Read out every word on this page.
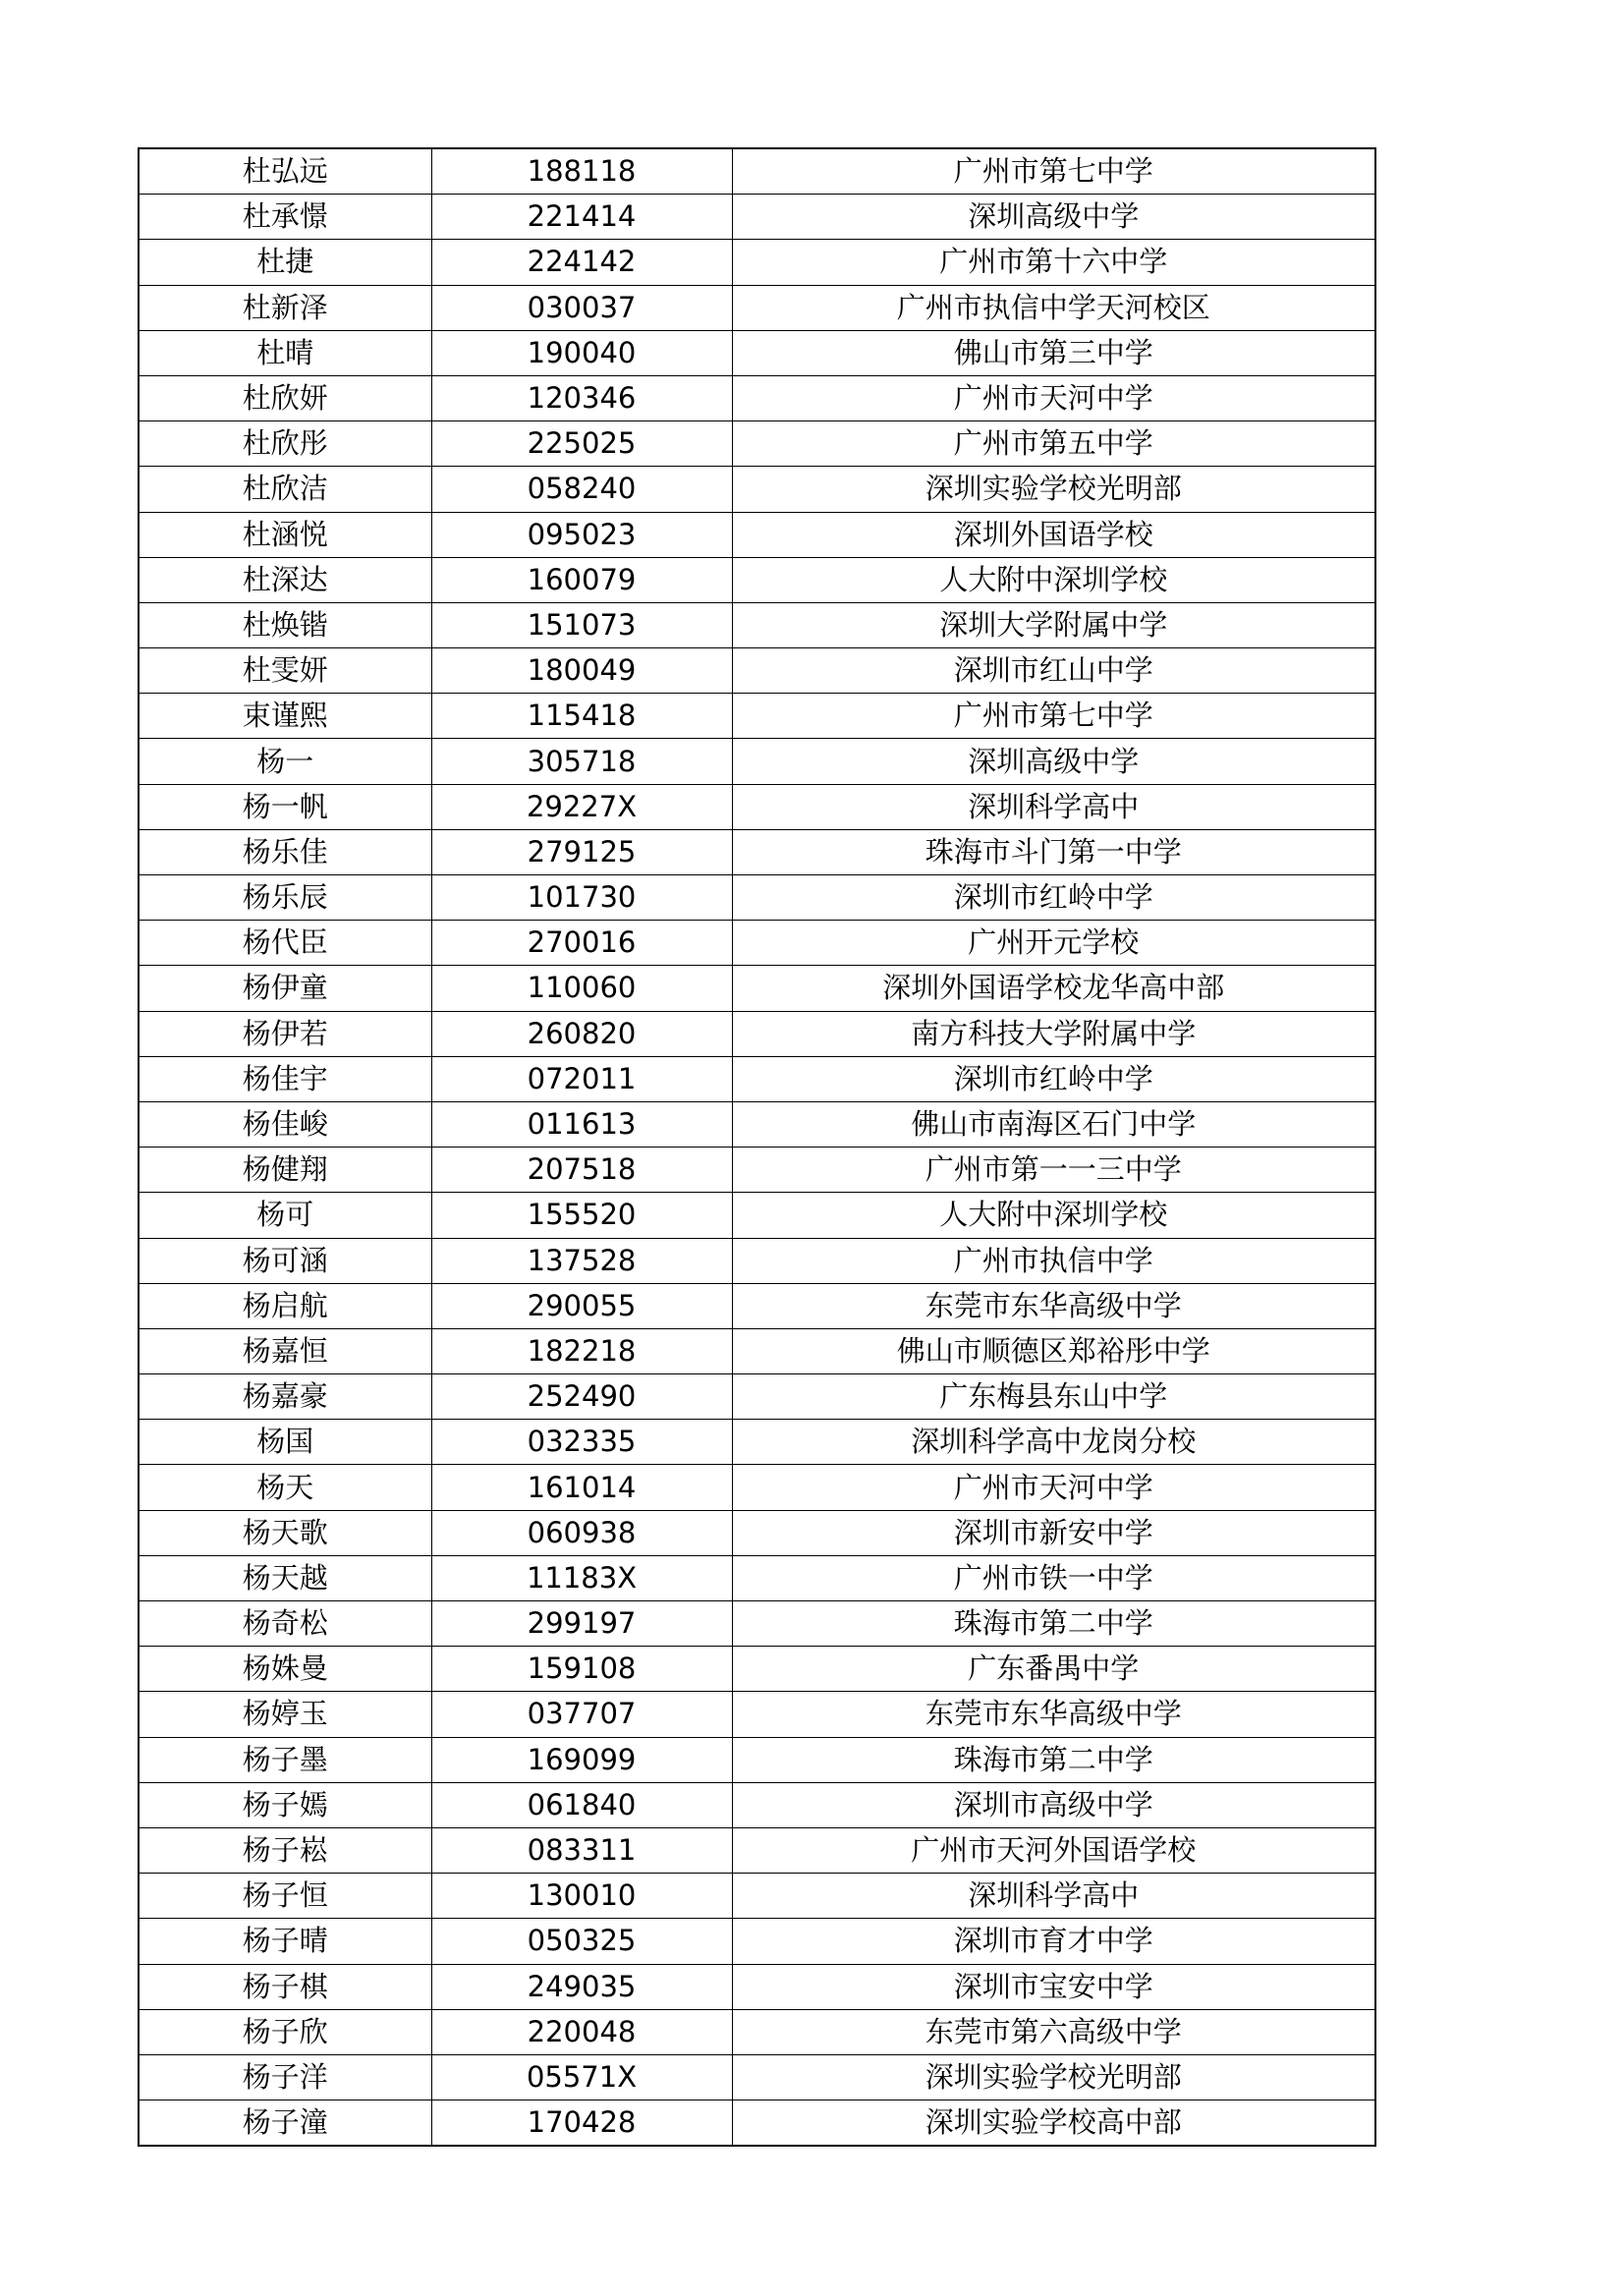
杜弘远	188118	广州市第七中学
杜承憬	221414	深圳高级中学
杜捷	224142	广州市第十六中学
杜新泽	030037	广州市执信中学天河校区
杜晴	190040	佛山市第三中学
杜欣妍	120346	广州市天河中学
杜欣彤	225025	广州市第五中学
杜欣洁	058240	深圳实验学校光明部
杜涵悦	095023	深圳外国语学校
杜深达	160079	人大附中深圳学校
杜焕锴	151073	深圳大学附属中学
杜雯妍	180049	深圳市红山中学
束谨熙	115418	广州市第七中学
杨一	305718	深圳高级中学
杨一帆	29227X	深圳科学高中
杨乐佳	279125	珠海市斗门第一中学
杨乐辰	101730	深圳市红岭中学
杨代臣	270016	广州开元学校
杨伊童	110060	深圳外国语学校龙华高中部
杨伊若	260820	南方科技大学附属中学
杨佳宇	072011	深圳市红岭中学
杨佳峻	011613	佛山市南海区石门中学
杨健翔	207518	广州市第一一三中学
杨可	155520	人大附中深圳学校
杨可涵	137528	广州市执信中学
杨启航	290055	东莞市东华高级中学
杨嘉恒	182218	佛山市顺德区郑裕彤中学
杨嘉豪	252490	广东梅县东山中学
杨国	032335	深圳科学高中龙岗分校
杨天	161014	广州市天河中学
杨天歌	060938	深圳市新安中学
杨天越	11183X	广州市铁一中学
杨奇松	299197	珠海市第二中学
杨姝曼	159108	广东番禺中学
杨婷玉	037707	东莞市东华高级中学
杨子墨	169099	珠海市第二中学
杨子嫣	061840	深圳市高级中学
杨子崧	083311	广州市天河外国语学校
杨子恒	130010	深圳科学高中
杨子晴	050325	深圳市育才中学
杨子棋	249035	深圳市宝安中学
杨子欣	220048	东莞市第六高级中学
杨子洋	05571X	深圳实验学校光明部
杨子潼	170428	深圳实验学校高中部
